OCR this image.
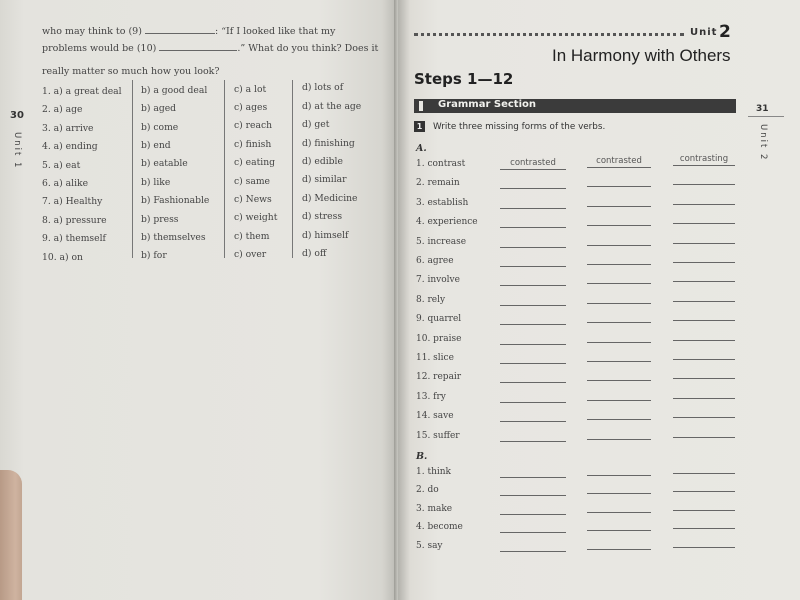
who may think to (9)	: “If I looked like that my
problems would be (10)	.” What do you think? Does it
really matter so much how you look?
30
Unit 1
1. a) a great deal b) a good deal	c) a lot	d) lots of
2. a) age	b) aged	c) ages	d) at the age
3. a) arrive	b) come	c) reach	d) get
4. a) ending	b) end	c) finish	d) finishing
5. a) eat	b) eatable	c) eating	d) edible
6. a) alike	b) like	c) same	d) similar
7. a) Healthy	b) Fashionable	c) News	d) Medicine
8. a) pressure	b) press	c) weight	d) stress
9. a) themself	b) themselves	c) them	d) himself
10. a) on	b) for	c) over	d) off
Unit 2
In Harmony with Others
Steps 1—12
Grammar Section
1	Write three missing forms of the verbs.
31
Unit 2
A.
B.
1. contrast	contrasted	contrasted	contrasting
2. remain
3. establish
4. experience
5. increase
6. agree
7. involve
8. rely
9. quarrel
10. praise
11. slice
12. repair
13. fry
14. save
15. suffer
1. think
2. do
3. make
4. become
5. say
